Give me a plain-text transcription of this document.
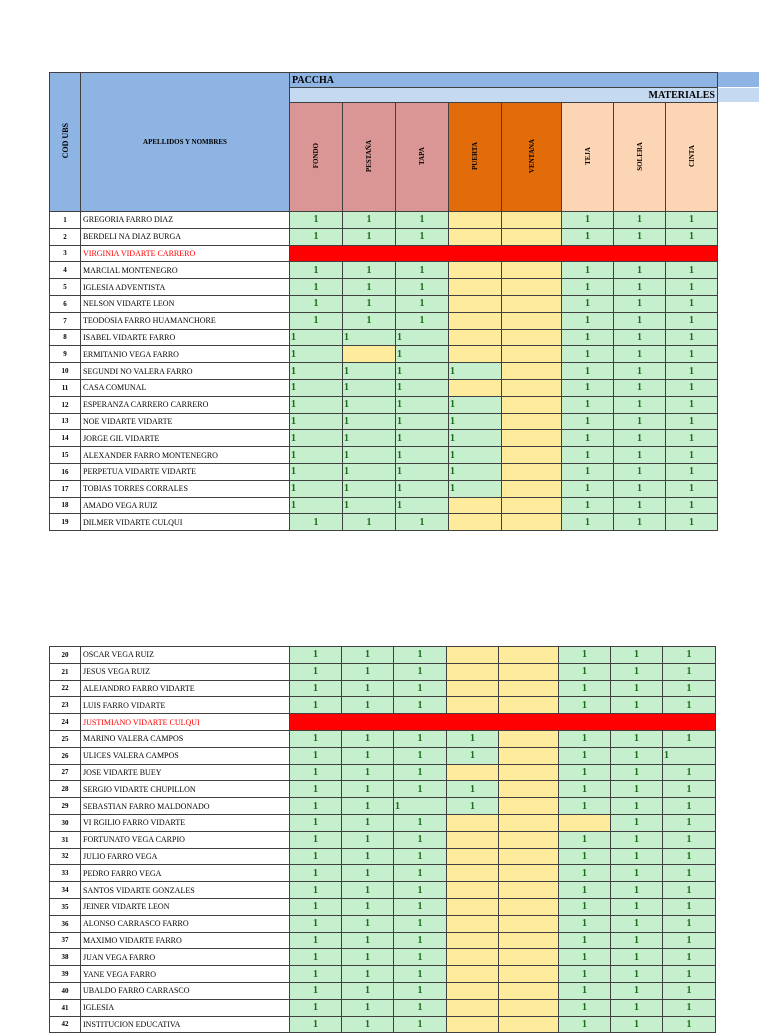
COD UBS	APELLIDOS Y NOMBRES	PACCHA							
		MATERIALES							
		FONDO	PESTAÑA	TAPA	PUERTA	VENTANA	TEJA	SOLERA	CINTA
1	GREGORIA FARRO DIAZ	1	1	1			1	1	1
2	BERDELI NA DIAZ BURGA	1	1	1			1	1	1
3	VIRGINIA VIDARTE CARRERO								
4	MARCIAL MONTENEGRO	1	1	1			1	1	1
5	IGLESIA ADVENTISTA	1	1	1			1	1	1
6	NELSON VIDARTE LEON	1	1	1			1	1	1
7	TEODOSIA FARRO HUAMANCHORE	1	1	1			1	1	1
8	ISABEL VIDARTE FARRO	1	1	1			1	1	1
9	ERMITANIO VEGA FARRO	1		1			1	1	1
10	SEGUNDI NO VALERA FARRO	1	1	1	1		1	1	1
11	CASA COMUNAL	1	1	1			1	1	1
12	ESPERANZA CARRERO CARRERO	1	1	1	1		1	1	1
13	NOE VIDARTE VIDARTE	1	1	1	1		1	1	1
14	JORGE GIL VIDARTE	1	1	1	1		1	1	1
15	ALEXANDER FARRO MONTENEGRO	1	1	1	1		1	1	1
16	PERPETUA VIDARTE VIDARTE	1	1	1	1		1	1	1
17	TOBIAS TORRES CORRALES	1	1	1	1		1	1	1
18	AMADO VEGA RUIZ	1	1	1			1	1	1
19	DILMER VIDARTE CULQUI	1	1	1			1	1	1
20	OSCAR VEGA RUIZ	1	1	1			1	1	1
21	JESUS VEGA RUIZ	1	1	1			1	1	1
22	ALEJANDRO FARRO VIDARTE	1	1	1			1	1	1
23	LUIS FARRO VIDARTE	1	1	1			1	1	1
24	JUSTIMIANO VIDARTE CULQUI								
25	MARINO VALERA CAMPOS	1	1	1	1		1	1	1
26	ULICES VALERA CAMPOS	1	1	1	1		1	1	1
27	JOSE VIDARTE BUEY	1	1	1			1	1	1
28	SERGIO VIDARTE CHUPILLON	1	1	1	1		1	1	1
29	SEBASTIAN FARRO MALDONADO	1	1	1	1		1	1	1
30	VI RGILIO FARRO VIDARTE	1	1	1				1	1
31	FORTUNATO VEGA CARPIO	1	1	1			1	1	1
32	JULIO FARRO VEGA	1	1	1			1	1	1
33	PEDRO FARRO VEGA	1	1	1			1	1	1
34	SANTOS VIDARTE GONZALES	1	1	1			1	1	1
35	JEINER VIDARTE LEON	1	1	1			1	1	1
36	ALONSO CARRASCO FARRO	1	1	1			1	1	1
37	MAXIMO VIDARTE FARRO	1	1	1			1	1	1
38	JUAN VEGA FARRO	1	1	1			1	1	1
39	YANE VEGA FARRO	1	1	1			1	1	1
40	UBALDO FARRO CARRASCO	1	1	1			1	1	1
41	IGLESIA	1	1	1			1	1	1
42	INSTITUCION EDUCATIVA	1	1	1			1	1	1
